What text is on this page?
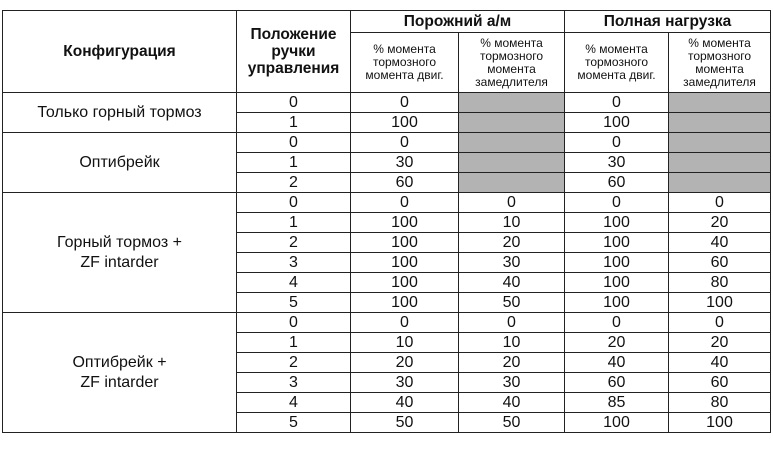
Конфигурация	Положение ручки управления	Порожний а/м		Полная нагрузка	
		% момента тормозного момента двиг.	% момента тормозного момента замедлителя	% момента тормозного момента двиг.	% момента тормозного момента замедлителя
Только горный тормоз	0	0		0	
	1	100		100	
Оптибрейк	0	0		0	
	1	30		30	
	2	60		60	
Горный тормоз +
ZF intarder	0	0	0	0	0
	1	100	10	100	20
	2	100	20	100	40
	3	100	30	100	60
	4	100	40	100	80
	5	100	50	100	100
Оптибрейк +
ZF intarder	0	0	0	0	0
	1	10	10	20	20
	2	20	20	40	40
	3	30	30	60	60
	4	40	40	85	80
	5	50	50	100	100
